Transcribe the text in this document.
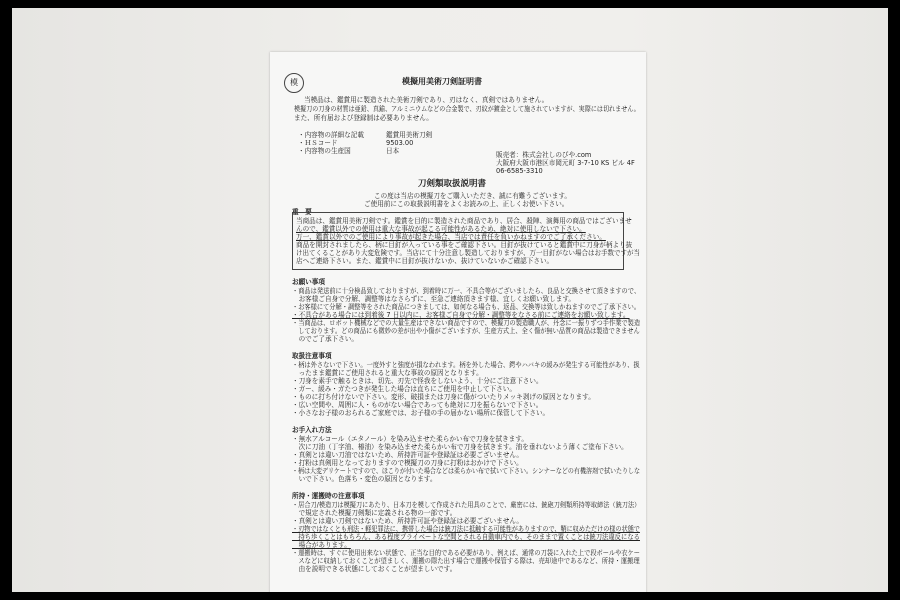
模	模擬用美術刀剣証明書
当模品は、鑑賞用に製造された美術刀剣であり、刃はなく、真剣ではありません。
模擬刀の刀身の材質は亜鉛、真鍮、アルミニウムなどの合金製で、刃紋が鍍金として施されていますが、実際には切れません。
また、所有届および登録制は必要ありません。
・内容物の詳細な記載	鑑賞用美術刀剣
・ＨＳコード	9503.00
・内容物の生産国	日本	販売者：株式会社しのびや.com
大阪府大阪市港区市岡元町 3-7-10 KS ビル 4F
06-6585-3310
刀剣類取扱説明書
この度は当店の模擬刀をご購入いただき、誠に有難うございます。
ご使用前にこの取扱説明書をよくお読みの上、正しくお使い下さい。
重　要
当商品は、鑑賞用美術刀剣です。鑑賞を目的に製造された商品であり、居合、殺陣、演舞用の商品ではございませ
んので、鑑賞以外での使用は重大な事故が起こる可能性があるため、絶対に使用しないで下さい。
万一、鑑賞以外でのご使用により事故が起きた場合、当店では責任を負いかねますのでご了承ください。
商品を開封されましたら、柄に目釘が入っている事をご確認下さい。目釘が抜けていると鑑賞中に刀身が柄より抜
け出てくることがあり大変危険です。当店にて十分注意し製造しておりますが、万一目釘がない場合はお手数ですが当
店へご連絡下さい。また、鑑賞中に目釘が抜けないか、抜けていないかご確認下さい。
お願い事項
・商品は発送前に十分検品致しておりますが、到着時に万一、不具合等がございましたら、良品と交換させて頂きますので、
　お客様ご自身で分解、調整等はなさらずに、至急ご連絡頂きます様、宜しくお願い致します。
・お客様にて分解・調整等をされた商品につきましては、如何なる場合も、返品、交換等は致しかねますのでご了承下さい。
・不具合がある場合には到着後 7 日以内に、お客様ご自身で分解・調整等をなさる前にご連絡をお願い致します。
・当商品は、ロボット機械などでの大量生産はできない商品ですので、模擬刀の製造職人が、丹念に一振りずつ手作業で製造
　しております。どの商品にも微妙の差が出や小傷がございますが、生産方式上、全く傷が無い品質の商品は製造できません
　のでご了承下さい。
取扱注意事項
・柄は外さないで下さい。一度外すと強度が損なわれます。柄を外した場合、鍔やハバキの緩みが発生する可能性があり、扱
　ったまま鑑賞にご使用されると重大な事故の原因となります。
・刀身を素手で触るときは、切先、刃先で怪我をしないよう、十分にご注意下さい。
・ガー、緩み・ガたつきが発生した場合は直ちにご使用を中止して下さい。
・ものに打ち付けないで下さい。変形、破損または刀身に傷がついたりメッキ剥げの原因となります。
・広い空間や、周囲に人・ものがない場合であっても絶対に刀を振らないで下さい。
・小さなお子様のおられるご家庭では、お子様の手の届かない場所に保管して下さい。
お手入れ方法
・無水アルコール（エタノール）を染み込ませた柔らかい布で刀身を拭きます。
　次に刀油（丁字油、椿油）を染み込ませた柔らかい布で刀身を拭きます。油を垂れないよう薄くご塗布下さい。
・真剣とは違い刀油ではないため、所持許可証や登録証は必要ございません。
・打粉は真剣用となっておりますので模擬刀の刀身に打粉はおかけで下さい。
・柄は大変デリケートですので、ほこりが付いた場合などは柔らかい布で拭いて下さい。シンナーなどの有機溶剤で拭いたりしな
　いで下さい。色落ち・変色の原因となります。
所持・運搬時の注意事項
・居合刀/模造刀は模擬刀にあたり、日本刀を模して作成された用具のことで、厳密には、銃砲刀剣類所持等取締法（銃刀法）
　で規定された模擬刀剣類に定義される物の一部です。
・真剣とは違い刀剣ではないため、所持許可証や登録証は必要ございません。
・刃物ではなくとも刑法・軽犯罪法に、携帯した場合は銃刀法に抵触する可能性がありますので、鞘に収めただけの様の状態で
　持ち歩くことはもちろん、ある程度プライベートな空間とされる自動車内でも、そのままで置くことは銃刀法違反になる
　場合があります。
・運搬時は、すぐに使用出来ない状態で、正当な目的である必要があり、例えば、通常の刀袋に入れた上で段ボールや衣ケー
　スなどに収納しておくことが望ましく、運搬の際た出す場合で運搬や保管する際は、売却途中であるなど、所持・運搬理
　由を説明できる状態にしておくことが望ましいです。
